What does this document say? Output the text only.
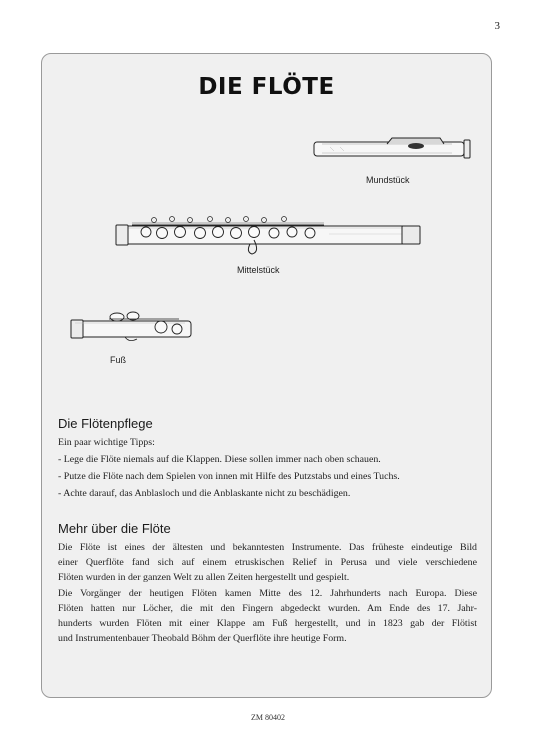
3
DIE FLÖTE
Mundstück
Mittelstück
Fuß
Die Flötenpflege

Ein paar wichtige Tipps:

- Lege die Flöte niemals auf die Klappen. Diese sollen immer nach oben schauen.

- Putze die Flöte nach dem Spielen von innen mit Hilfe des Putzstabs und eines Tuchs.

- Achte darauf, das Anblasloch und die Anblaskante nicht zu beschädigen.

Mehr über die Flöte

Die Flöte ist eines der ältesten und bekanntesten Instrumente. Das früheste eindeutige Bild

einer Querflöte fand sich auf einem etruskischen Relief in Perusa und viele verschiedene

Flöten wurden in der ganzen Welt zu allen Zeiten hergestellt und gespielt.

Die Vorgänger der heutigen Flöten kamen Mitte des 12. Jahrhunderts nach Europa. Diese

Flöten hatten nur Löcher, die mit den Fingern abgedeckt wurden. Am Ende des 17. Jahr-

hunderts wurden Flöten mit einer Klappe am Fuß hergestellt, und in 1823 gab der Flötist

und Instrumentenbauer Theobald Böhm der Querflöte ihre heutige Form.

ZM 80402
